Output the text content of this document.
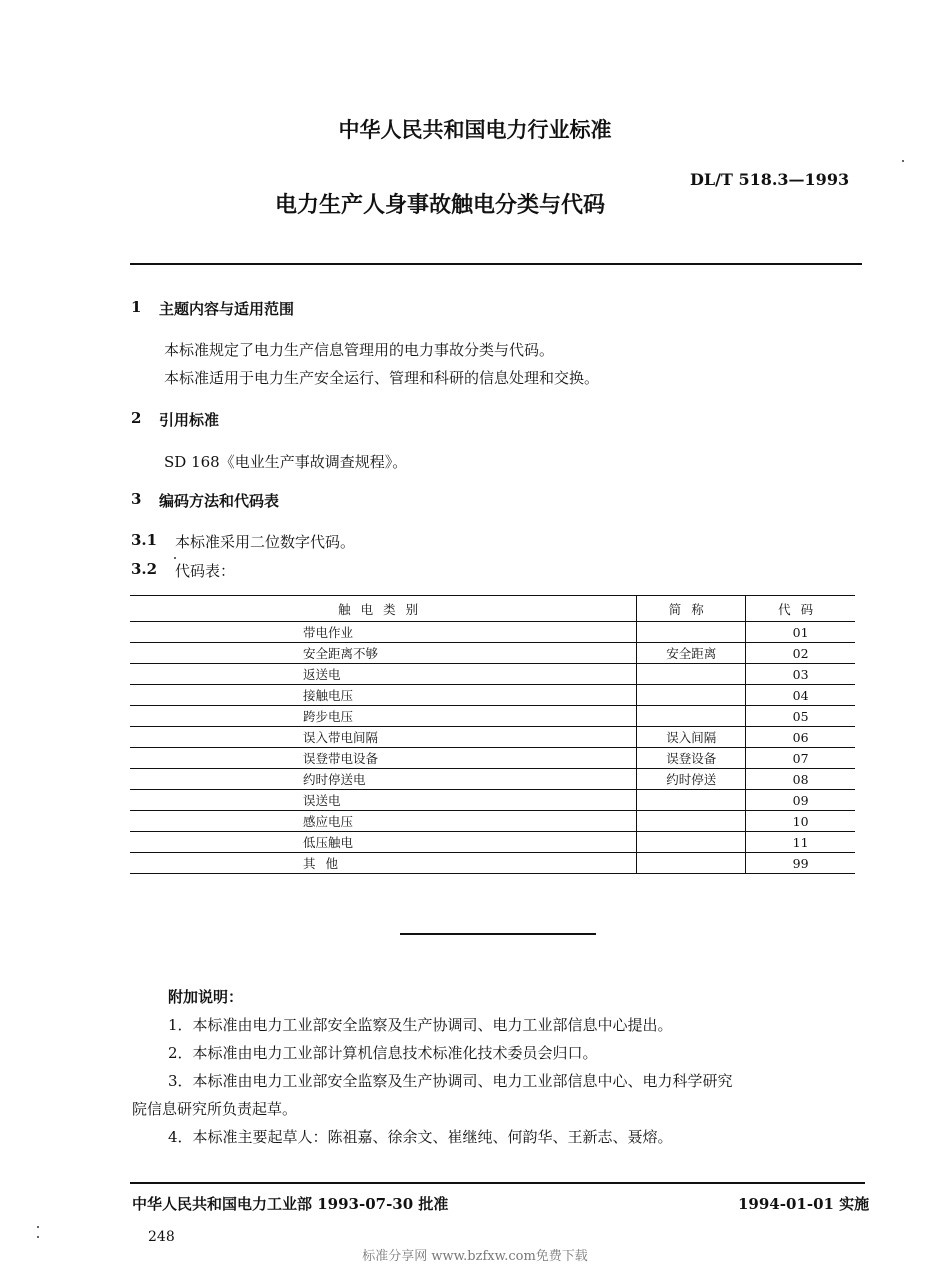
中华人民共和国电力行业标准
DL/T 518.3—1993
电力生产人身事故触电分类与代码
1 主题内容与适用范围
本标准规定了电力生产信息管理用的电力事故分类与代码。
本标准适用于电力生产安全运行、管理和科研的信息处理和交换。
2 引用标准
SD 168《电业生产事故调查规程》。
3 编码方法和代码表
3.1 本标准采用二位数字代码。
3.2 代码表：
触电类别	简称	代码
带电作业		01
安全距离不够	安全距离	02
返送电		03
接触电压		04
跨步电压		05
误入带电间隔	误入间隔	06
误登带电设备	误登设备	07
约时停送电	约时停送	08
误送电		09
感应电压		10
低压触电		11
其他		99
附加说明：
1．本标准由电力工业部安全监察及生产协调司、电力工业部信息中心提出。
2．本标准由电力工业部计算机信息技术标准化技术委员会归口。
3．本标准由电力工业部安全监察及生产协调司、电力工业部信息中心、电力科学研究
院信息研究所负责起草。
4．本标准主要起草人：陈祖嘉、徐余文、崔继纯、何韵华、王新志、聂熔。
中华人民共和国电力工业部 1993-07-30 批准	1994-01-01 实施
248
标准分享网 www.bzfxw.com免费下载
